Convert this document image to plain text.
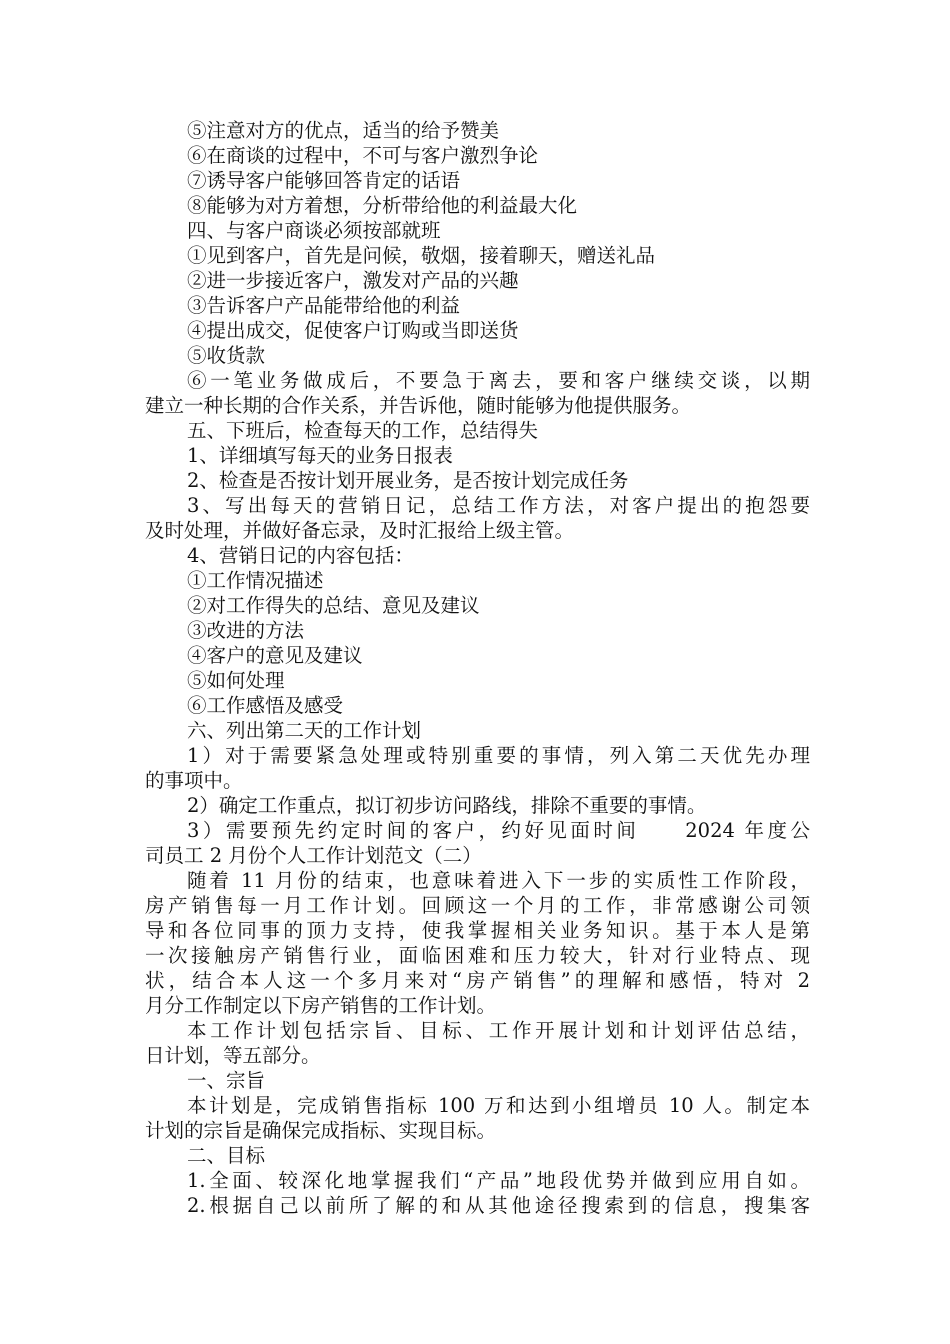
⑤注意对方的优点，适当的给予赞美
⑥在商谈的过程中，不可与客户激烈争论
⑦诱导客户能够回答肯定的话语
⑧能够为对方着想，分析带给他的利益最大化
四、与客户商谈必须按部就班
①见到客户，首先是问候，敬烟，接着聊天，赠送礼品
②进一步接近客户，激发对产品的兴趣
③告诉客户产品能带给他的利益
④提出成交，促使客户订购或当即送货
⑤收货款
⑥一笔业务做成后，不要急于离去，要和客户继续交谈，以期
建立一种长期的合作关系，并告诉他，随时能够为他提供服务。
五、下班后，检查每天的工作，总结得失
1、详细填写每天的业务日报表
2、检查是否按计划开展业务，是否按计划完成任务
3、写出每天的营销日记，总结工作方法，对客户提出的抱怨要
及时处理，并做好备忘录，及时汇报给上级主管。
4、营销日记的内容包括：
①工作情况描述
②对工作得失的总结、意见及建议
③改进的方法
④客户的意见及建议
⑤如何处理
⑥工作感悟及感受
六、列出第二天的工作计划
1）对于需要紧急处理或特别重要的事情，列入第二天优先办理
的事项中。
2）确定工作重点，拟订初步访问路线，排除不重要的事情。
3）需要预先约定时间的客户，约好见面时间　　2024 年度公
司员工 2 月份个人工作计划范文（二）
随着 11 月份的结束，也意味着进入下一步的实质性工作阶段，
房产销售每一月工作计划。回顾这一个月的工作，非常感谢公司领
导和各位同事的顶力支持，使我掌握相关业务知识。基于本人是第
一次接触房产销售行业，面临困难和压力较大，针对行业特点、现
状，结合本人这一个多月来对“房产销售”的理解和感悟，特对 2
月分工作制定以下房产销售的工作计划。
本工作计划包括宗旨、目标、工作开展计划和计划评估总结，
日计划，等五部分。
一、宗旨
本计划是，完成销售指标 100 万和达到小组增员 10 人。制定本
计划的宗旨是确保完成指标、实现目标。
二、目标
1.全面、较深化地掌握我们“产品”地段优势并做到应用自如。
2.根据自己以前所了解的和从其他途径搜索到的信息，搜集客
